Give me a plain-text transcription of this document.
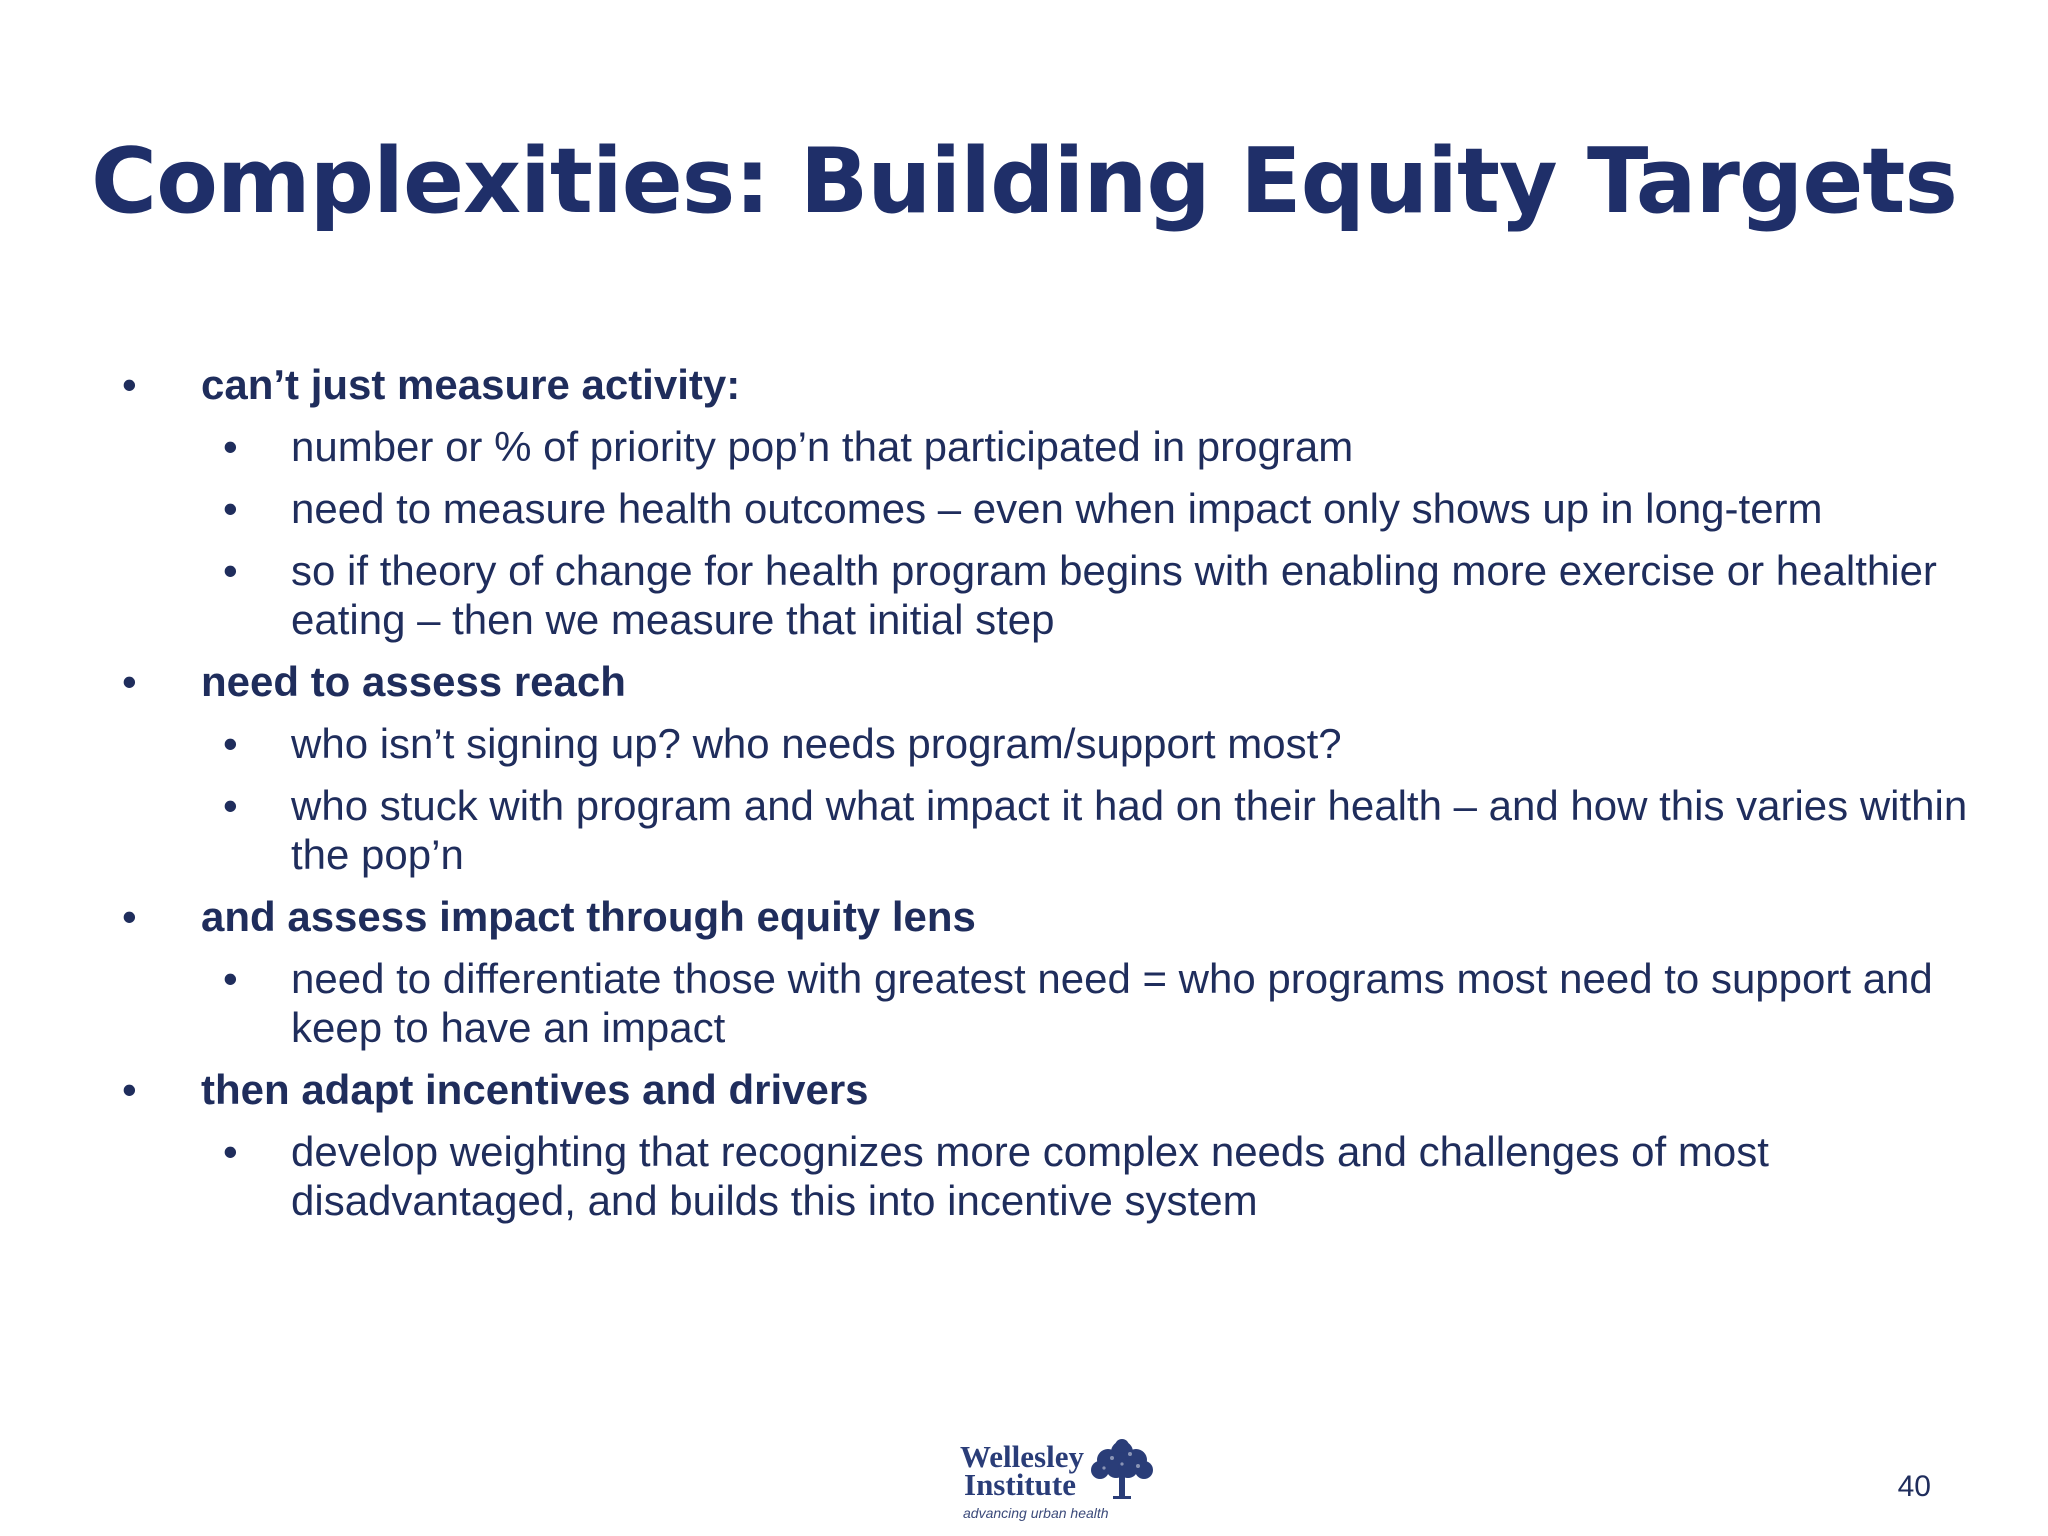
Complexities: Building Equity Targets
• can’t just measure activity:
• number or % of priority pop’n that participated in program
• need to measure health outcomes – even when impact only shows up in long-term
• so if theory of change for health program begins with enabling more exercise or healthier eating – then we measure that initial step
• need to assess reach
• who isn’t signing up? who needs program/support most?
• who stuck with program and what impact it had on their health – and how this varies within the pop’n
• and assess impact through equity lens
• need to differentiate those with greatest need = who programs most need to support and keep to have an impact
• then adapt incentives and drivers
• develop weighting that recognizes more complex needs and challenges of most disadvantaged, and builds this into incentive system
Wellesley
Institute
advancing urban health
40
